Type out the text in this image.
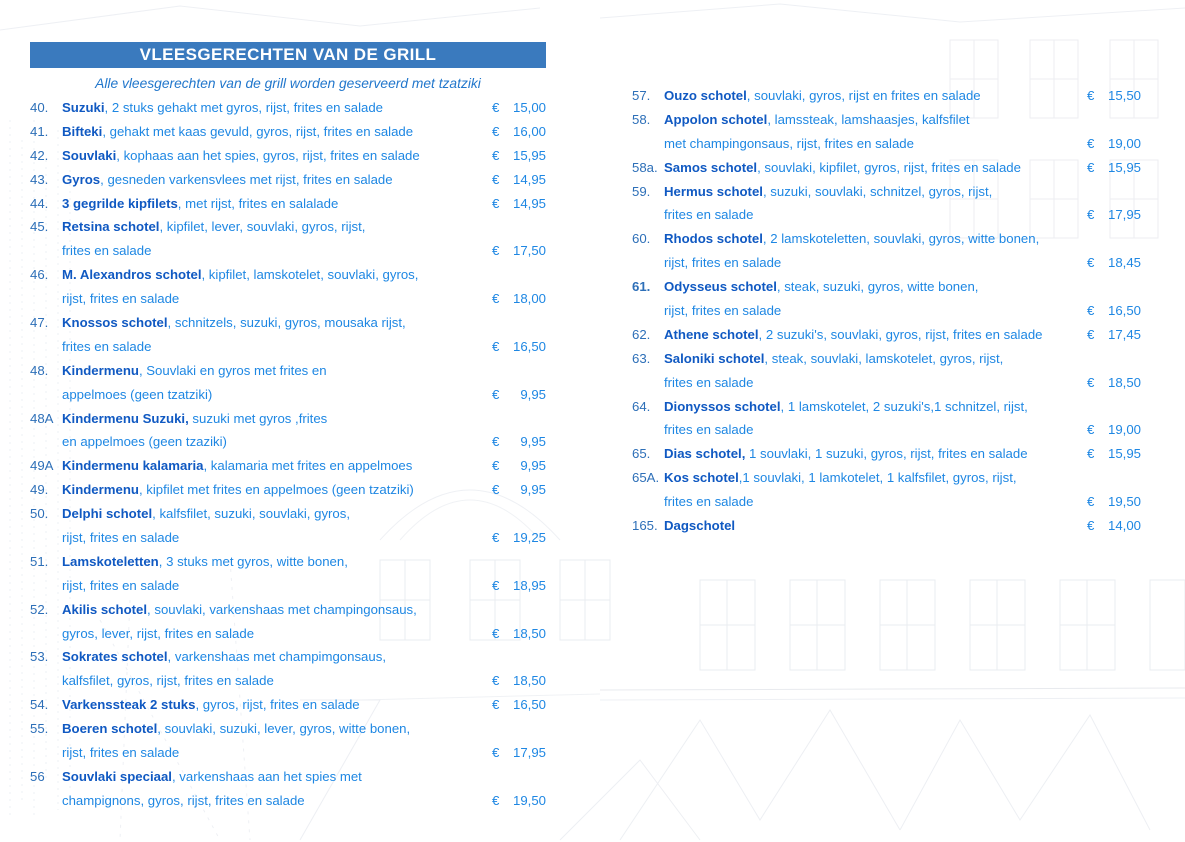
VLEESGERECHTEN VAN DE GRILL
Alle vleesgerechten van de grill worden geserveerd met tzatziki
40.	Suzuki, 2 stuks gehakt met gyros, rijst, frites en salade	€ 15,00
41.	Bifteki, gehakt met kaas gevuld, gyros, rijst, frites en salade	€ 16,00
42.	Souvlaki, kophaas aan het spies, gyros, rijst, frites en salade	€ 15,95
43.	Gyros, gesneden varkensvlees met rijst, frites en salade	€ 14,95
44.	3 gegrilde kipfilets, met rijst, frites en salalade	€ 14,95
45.	Retsina schotel, kipfilet, lever, souvlaki, gyros, rijst,
frites en salade	€ 17,50
46.	M. Alexandros schotel, kipfilet, lamskotelet, souvlaki, gyros,
rijst, frites en salade	€ 18,00
47.	Knossos schotel, schnitzels, suzuki, gyros, mousaka rijst,
frites en salade	€ 16,50
48.	Kindermenu, Souvlaki en gyros met frites en
appelmoes (geen tzatziki)	€ 9,95
48A Kindermenu Suzuki, suzuki met gyros ,frites
en appelmoes (geen tzaziki)	€ 9,95
49A Kindermenu kalamaria, kalamaria met frites en appelmoes	€ 9,95
49.	Kindermenu, kipfilet met frites en appelmoes (geen tzatziki)	€ 9,95
50.	Delphi schotel, kalfsfilet, suzuki, souvlaki, gyros,
rijst, frites en salade	€ 19,25
51.	Lamskoteletten, 3 stuks met gyros, witte bonen,
rijst, frites en salade	€ 18,95
52.	Akilis schotel, souvlaki, varkenshaas met champingonsaus,
gyros, lever, rijst, frites en salade	€ 18,50
53.	Sokrates schotel, varkenshaas met champimgonsaus,
kalfsfilet, gyros, rijst, frites en salade	€ 18,50
54.	Varkenssteak 2 stuks, gyros, rijst, frites en salade	€ 16,50
55.	Boeren schotel, souvlaki, suzuki, lever, gyros, witte bonen,
rijst, frites en salade	€ 17,95
56	Souvlaki speciaal, varkenshaas aan het spies met
champignons, gyros, rijst, frites en salade	€ 19,50
57.	Ouzo schotel, souvlaki, gyros, rijst en frites en salade	€ 15,50
58.	Appolon schotel, lamssteak, lamshaasjes, kalfsfilet
met champingonsaus, rijst, frites en salade	€ 19,00
58a. Samos schotel, souvlaki, kipfilet, gyros, rijst, frites en salade	€ 15,95
59.	Hermus schotel, suzuki, souvlaki, schnitzel, gyros, rijst,
frites en salade	€ 17,95
60.	Rhodos schotel, 2 lamskoteletten, souvlaki, gyros, witte bonen,
rijst, frites en salade	€ 18,45
61.	Odysseus schotel, steak, suzuki, gyros, witte bonen,
rijst, frites en salade	€ 16,50
62.	Athene schotel, 2 suzuki's, souvlaki, gyros, rijst, frites en salade	€ 17,45
63.	Saloniki schotel, steak, souvlaki, lamskotelet, gyros, rijst,
frites en salade	€ 18,50
64.	Dionyssos schotel, 1 lamskotelet, 2 suzuki's,1 schnitzel, rijst,
frites en salade	€ 19,00
65.	Dias schotel, 1 souvlaki, 1 suzuki, gyros, rijst, frites en salade	€ 15,95
65A. Kos schotel,1 souvlaki, 1 lamkotelet, 1 kalfsfilet, gyros, rijst,
frites en salade	€ 19,50
165. Dagschotel	€ 14,00
